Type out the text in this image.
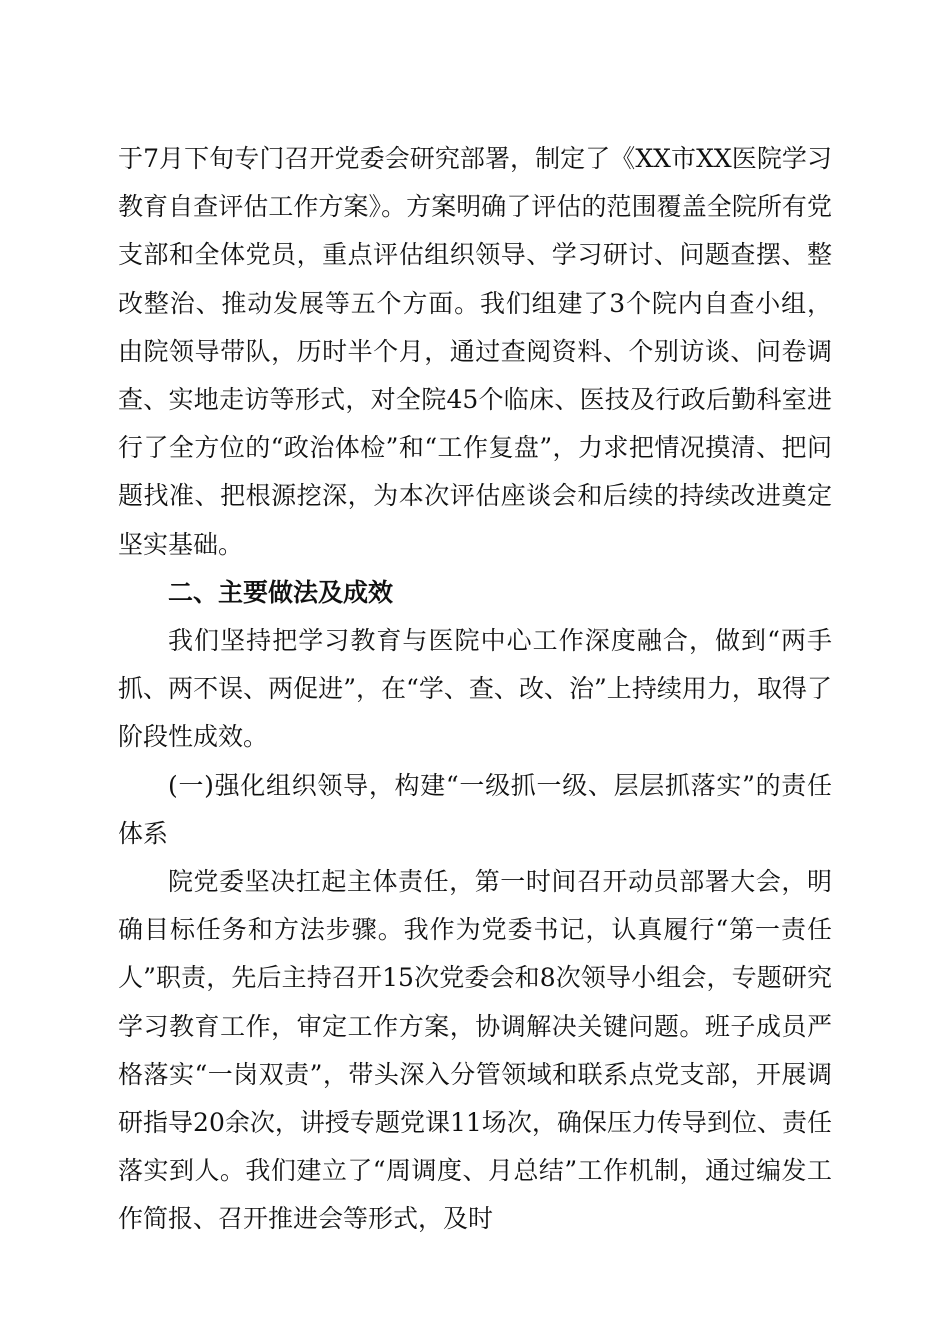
于7月下旬专门召开党委会研究部署，制定了《XX市XX医院学习教育自查评估工作方案》。方案明确了评估的范围覆盖全院所有党支部和全体党员，重点评估组织领导、学习研讨、问题查摆、整改整治、推动发展等五个方面。我们组建了3个院内自查小组，由院领导带队，历时半个月，通过查阅资料、个别访谈、问卷调查、实地走访等形式，对全院45个临床、医技及行政后勤科室进行了全方位的“政治体检”和“工作复盘”，力求把情况摸清、把问题找准、把根源挖深，为本次评估座谈会和后续的持续改进奠定坚实基础。

二、主要做法及成效

我们坚持把学习教育与医院中心工作深度融合，做到“两手抓、两不误、两促进”，在“学、查、改、治”上持续用力，取得了阶段性成效。

(一)强化组织领导，构建“一级抓一级、层层抓落实”的责任体系

院党委坚决扛起主体责任，第一时间召开动员部署大会，明确目标任务和方法步骤。我作为党委书记，认真履行“第一责任人”职责，先后主持召开15次党委会和8次领导小组会，专题研究学习教育工作，审定工作方案，协调解决关键问题。班子成员严格落实“一岗双责”，带头深入分管领域和联系点党支部，开展调研指导20余次，讲授专题党课11场次，确保压力传导到位、责任落实到人。我们建立了“周调度、月总结”工作机制，通过编发工作简报、召开推进会等形式，及时
